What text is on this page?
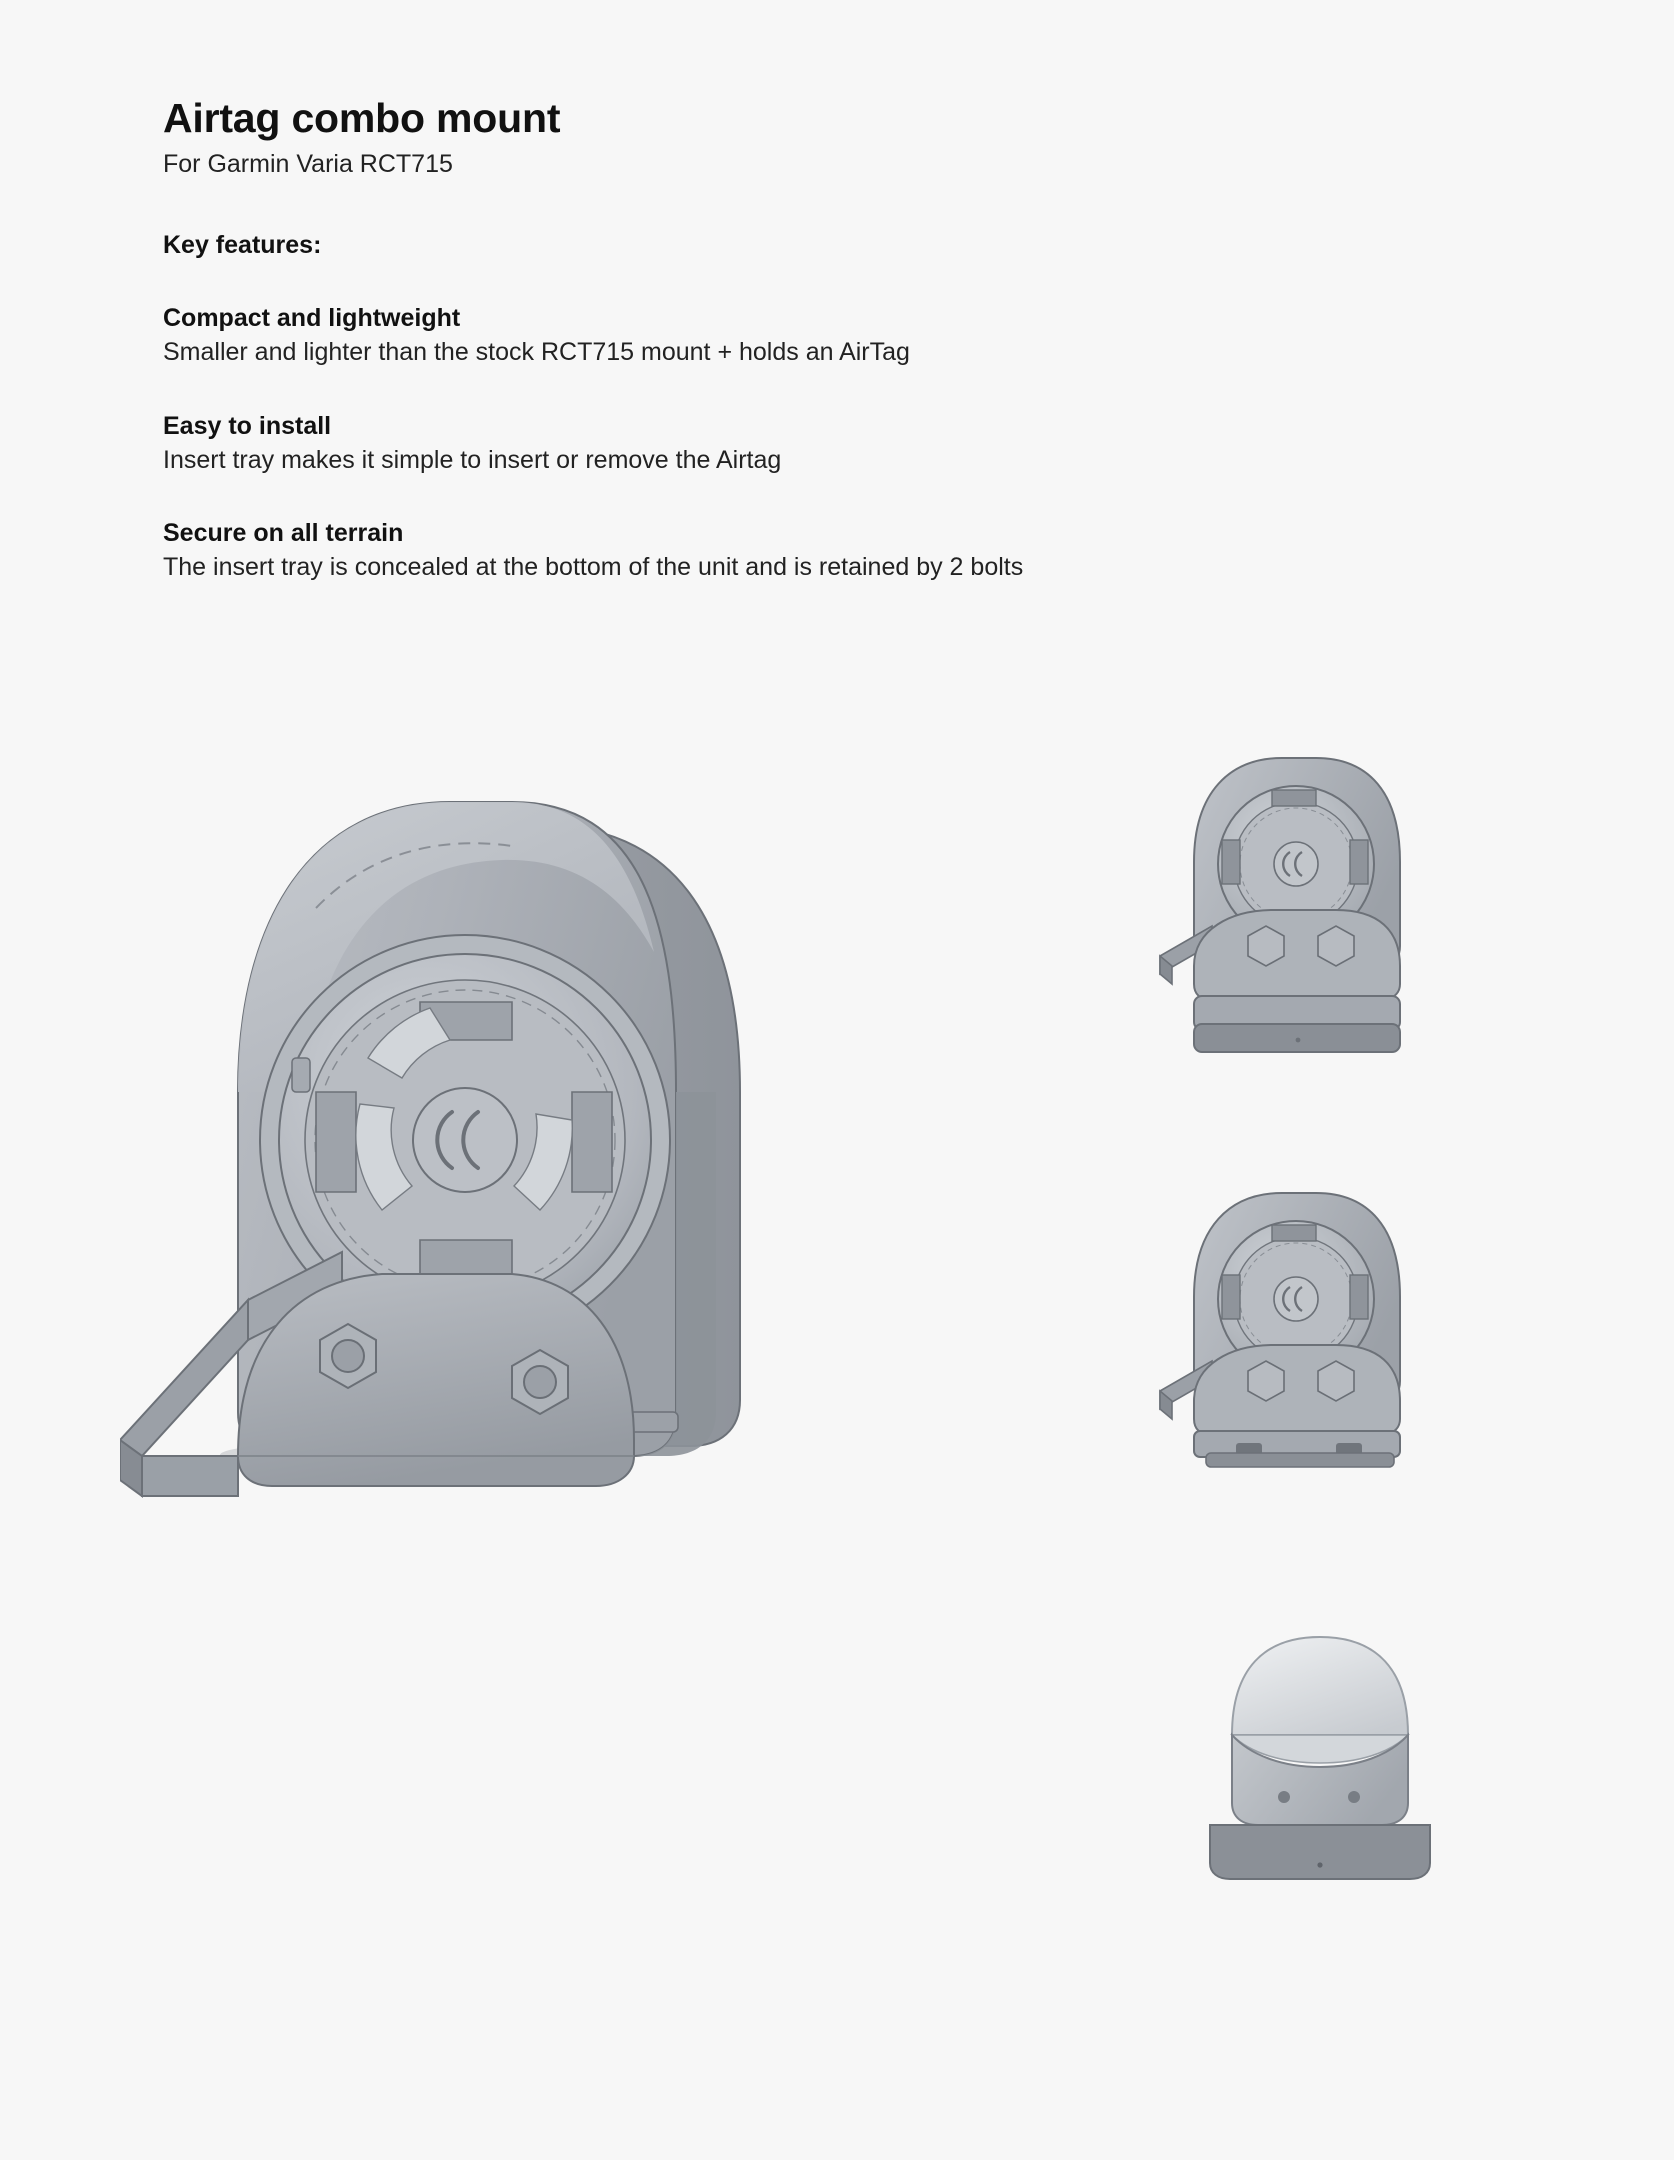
Airtag combo mount

For Garmin Varia RCT715

Key features:

Compact and lightweight

Smaller and lighter than the stock RCT715 mount + holds an AirTag

Easy to install

Insert tray makes it simple to insert or remove the Airtag

Secure on all terrain

The insert tray is concealed at the bottom of the unit and is retained by 2 bolts
